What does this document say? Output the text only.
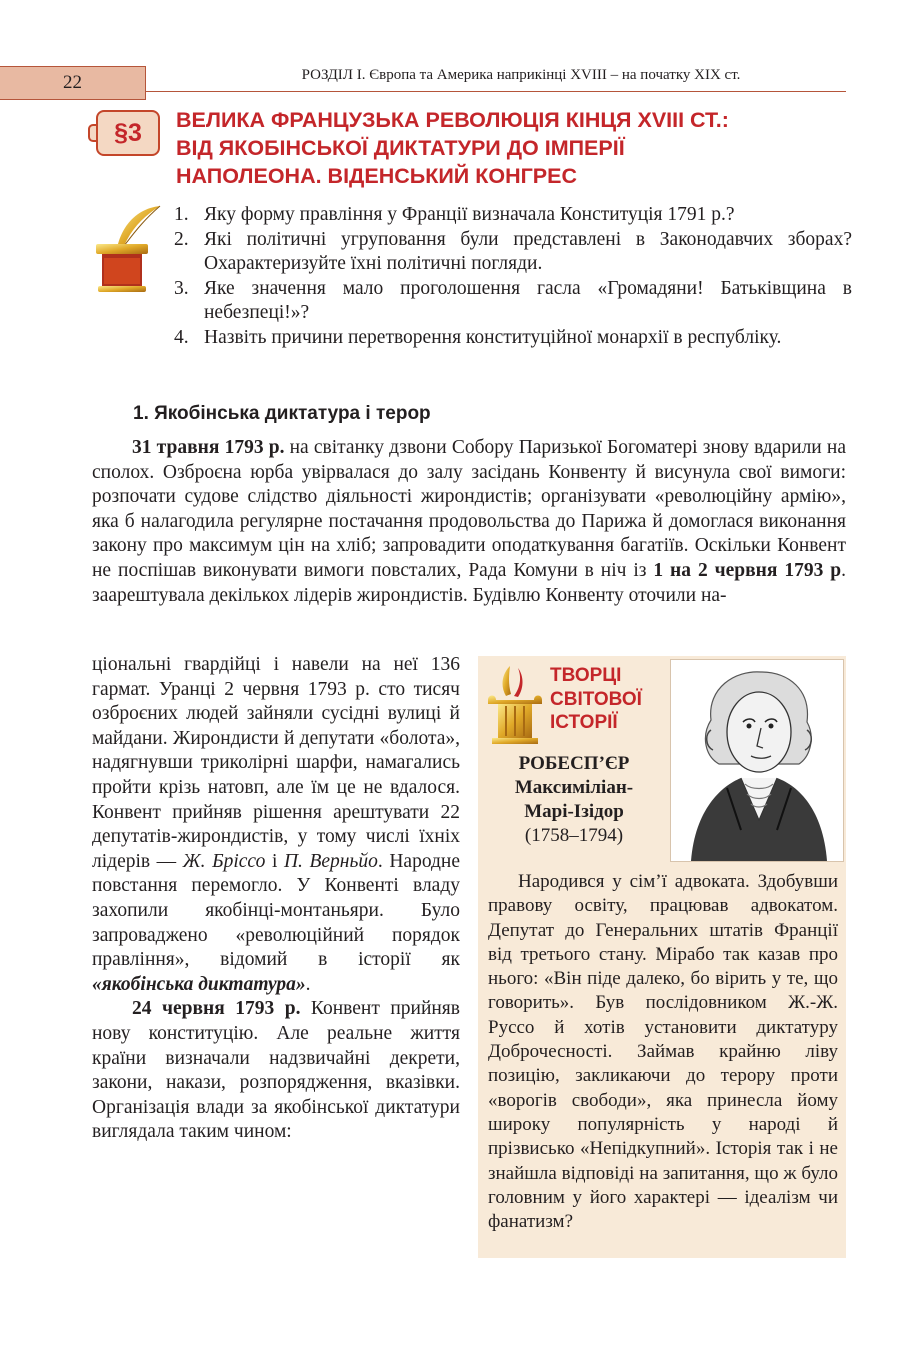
22	РОЗДІЛ І. Європа та Америка наприкінці XVIII – на початку ХІХ ст.
§3	ВЕЛИКА ФРАНЦУЗЬКА РЕВОЛЮЦІЯ КІНЦЯ XVIII СТ.:
ВІД ЯКОБІНСЬКОЇ ДИКТАТУРИ ДО ІМПЕРІЇ
НАПОЛЕОНА. ВІДЕНСЬКИЙ КОНГРЕС
1. Яку форму правління у Франції визначала Конституція 1791 р.?
2. Які політичні угруповання були представлені в Законодавчих зборах? Охарактеризуйте їхні політичні погляди.
3. Яке значення мало проголошення гасла «Громадяни! Батьківщина в небезпеці!»?
4. Назвіть причини перетворення конституційної монархії в республіку.
1. Якобінська диктатура і терор

31 травня 1793 р. на світанку дзвони Собору Паризької Богоматері знову вдарили на сполох. Озброєна юрба увірвалася до залу засідань Конвенту й висунула свої вимоги: розпочати судове слідство діяльності жирондистів; організувати «революційну армію», яка б налагодила регулярне постачання продовольства до Парижа й домоглася виконання закону про максимум цін на хліб; запровадити оподаткування багатіїв. Оскільки Конвент не поспішав виконувати вимоги повсталих, Рада Комуни в ніч із 1 на 2 червня 1793 р. заарештувала декількох лідерів жирондистів. Будівлю Конвенту оточили на-

ціональні гвардійці і навели на неї 136 гармат. Уранці 2 червня 1793 р. сто тисяч озброєних людей зайняли сусідні вулиці й майдани. Жирондисти й депутати «болота», надягнувши триколірні шарфи, намагались пройти крізь натовп, але їм це не вдалося. Конвент прийняв рішення арештувати 22 депутатів-жирондистів, у тому числі їхніх лідерів — Ж. Бріссо і П. Верньйо. Народне повстання перемогло. У Конвенті владу захопили якобінці-монтаньяри. Було запроваджено «революційний порядок правління», відомий в історії як «якобінська диктатура».

24 червня 1793 р. Конвент прийняв нову конституцію. Але реальне життя країни визначали надзвичайні декрети, закони, накази, розпорядження, вказівки. Організація влади за якобінської диктатури виглядала таким чином:

ТВОРЦІ
СВІТОВОЇ
ІСТОРІЇ
РОБЕСП’ЄР
Максиміліан-
Марі-Ізідор
(1758–1794)

Народився у сім’ї адвоката. Здобувши правову освіту, працював адвокатом. Депутат до Генеральних штатів Франції від третього стану. Мірабо так казав про нього: «Він піде далеко, бо вірить у те, що говорить». Був послідовником Ж.-Ж. Руссо й хотів установити диктатуру Доброчесності. Займав крайню ліву позицію, закликаючи до терору проти «ворогів свободи», яка принесла йому широку популярність у народі й прізвисько «Непідкупний». Історія так і не знайшла відповіді на запитання, що ж було головним у його характері — ідеалізм чи фанатизм?
